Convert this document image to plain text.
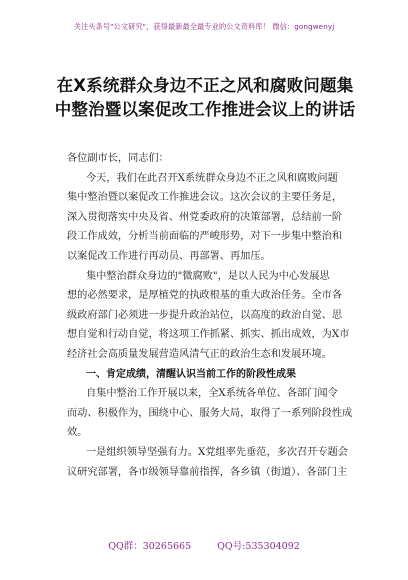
关注头条号"公文研究"，获得最新最全最专业的公文资料库！ 微信：gongwenyj
在X系统群众身边不正之风和腐败问题集
中整治暨以案促改工作推进会议上的讲话

各位副市长，同志们：

今天，我们在此召开X系统群众身边不正之风和腐败问题

集中整治暨以案促改工作推进会议。这次会议的主要任务是，

深入贯彻落实中央及省、州党委政府的决策部署，总结前一阶

段工作成效，分析当前面临的严峻形势，对下一步集中整治和

以案促改工作进行再动员、再部署、再加压。

集中整治群众身边的"微腐败"，是以人民为中心发展思

想的必然要求，是厚植党的执政根基的重大政治任务。全市各

级政府部门必须进一步提升政治站位，以高度的政治自觉、思

想自觉和行动自觉，将这项工作抓紧、抓实、抓出成效，为X市

经济社会高质量发展营造风清气正的政治生态和发展环境。

一、肯定成绩，清醒认识当前工作的阶段性成果

自集中整治工作开展以来，全X系统各单位、各部门闻令

而动、积极作为，围绕中心、服务大局，取得了一系列阶段性成

效。

一是组织领导坚强有力。X党组率先垂范，多次召开专题会

议研究部署，各市级领导靠前指挥，各乡镇（街道）、各部门主

QQ群：30265665	QQ号:535304092
